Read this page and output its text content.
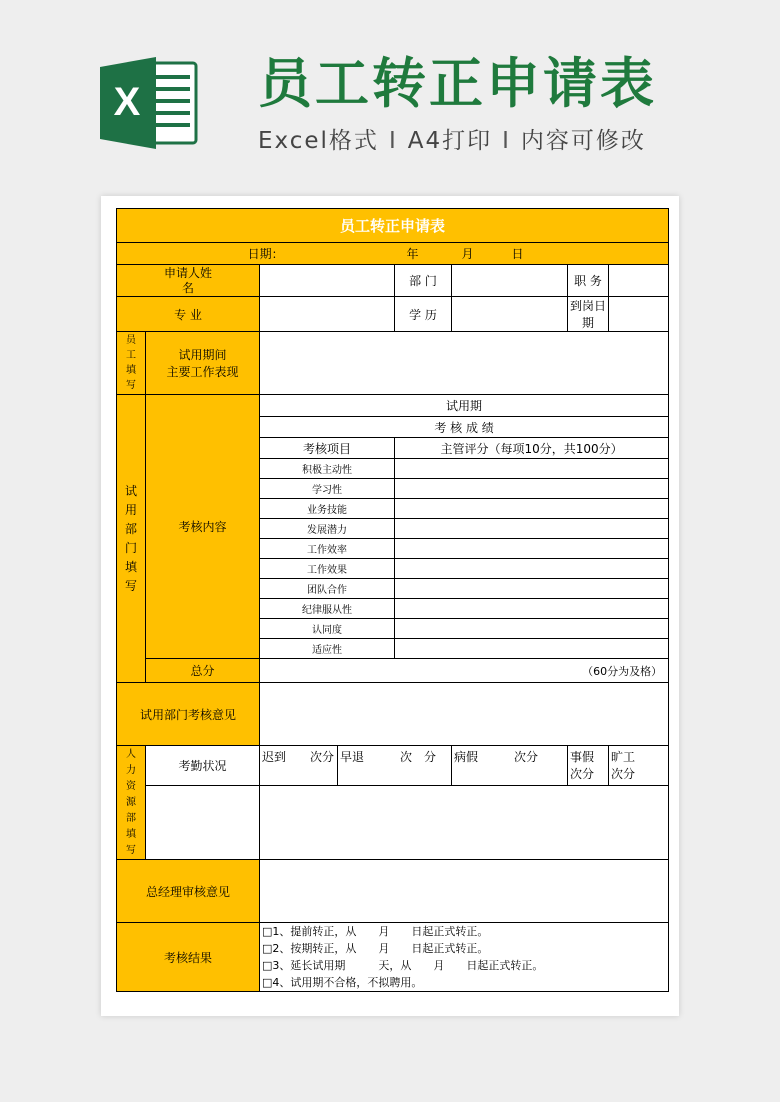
X 员工转正申请表
Excel格式 I A4打印 I 内容可修改
员工转正申请表							
日期： 年 月 日							

申请人姓名				部 门		职 务	
专 业				学 历		到岗日期	

员工填写	试用期间
主要工作表现						

试用部门填写	考核内容	试用期					
		考 核 成 绩					
		考核项目		主管评分（每项10分，共100分）			
		积极主动性					
		学习性					
		业务技能					
		发展潜力					
		工作效率					
		工作效果					
		团队合作					
		纪律服从性					
		认同度					
		适应性					
	总分	（60分为及格）					
试用部门考核意见							

人力资源部填写	考勤状况	迟到　　次分	早退　　　次　分		病假　　　次分	事假　　次分	旷工次分

总经理审核意见							
考核结果		□1、提前转正，从　　月　　日起正式转正。
□2、按期转正，从　　月　　日起正式转正。
□3、延长试用期　　　天，从　　月　　日起正式转正。
□4、试用期不合格，不拟聘用。					
